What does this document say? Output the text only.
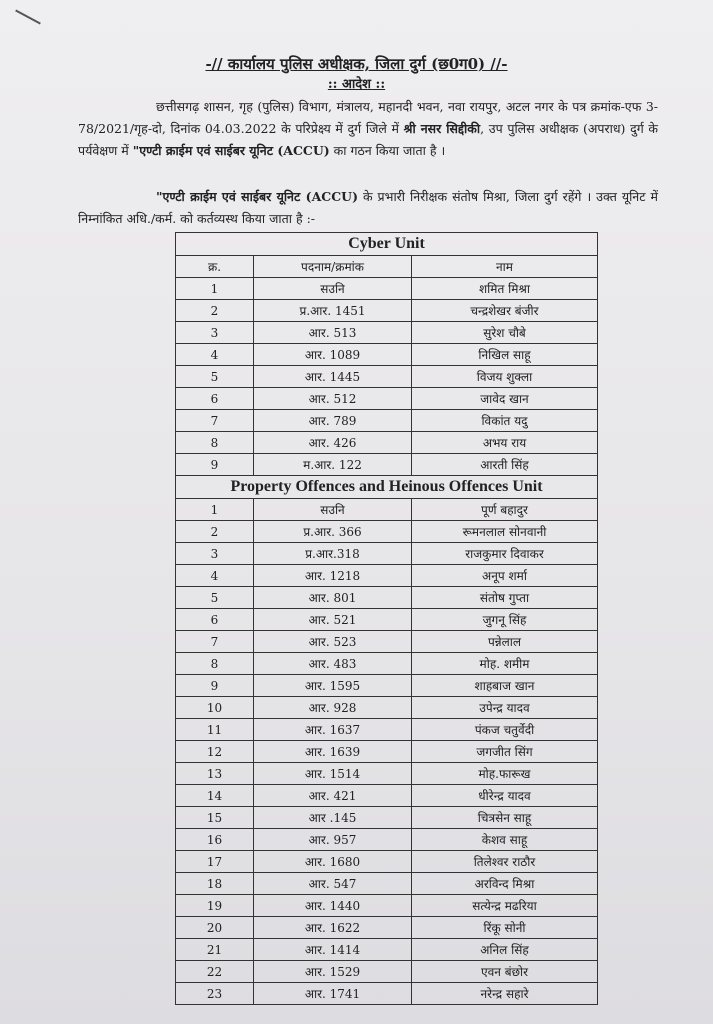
-// कार्यालय पुलिस अधीक्षक, जिला दुर्ग (छ0ग0) //-
:: आदेश ::
छत्तीसगढ़ शासन, गृह (पुलिस) विभाग, मंत्रालय, महानदी भवन, नवा रायपुर, अटल नगर के पत्र क्रमांक-एफ 3-78/2021/गृह-दो, दिनांक 04.03.2022 के परिप्रेक्ष्य में दुर्ग जिले में श्री नसर सिद्दीकी, उप पुलिस अधीक्षक (अपराध) दुर्ग के पर्यवेक्षण में "एण्टी क्राईम एवं साईबर यूनिट (ACCU) का गठन किया जाता है ।
"एण्टी क्राईम एवं साईबर यूनिट (ACCU) के प्रभारी निरीक्षक संतोष मिश्रा, जिला दुर्ग रहेंगे । उक्त यूनिट में निम्नांकित अधि./कर्म. को कर्तव्यस्थ किया जाता है :-
Cyber Unit		
क्र.	पदनाम/क्रमांक	नाम
1	सउनि	शमित मिश्रा
2	प्र.आर. 1451	चन्द्रशेखर बंजीर
3	आर. 513	सुरेश चौबे
4	आर. 1089	निखिल साहू
5	आर. 1445	विजय शुक्ला
6	आर. 512	जावेद खान
7	आर. 789	विकांत यदु
8	आर. 426	अभय राय
9	म.आर. 122	आरती सिंह
Property Offences and Heinous Offences Unit		
1	सउनि	पूर्ण बहादुर
2	प्र.आर. 366	रूमनलाल सोनवानी
3	प्र.आर.318	राजकुमार दिवाकर
4	आर. 1218	अनूप शर्मा
5	आर. 801	संतोष गुप्ता
6	आर. 521	जुगनू सिंह
7	आर. 523	पन्नेलाल
8	आर. 483	मोह. शमीम
9	आर. 1595	शाहबाज खान
10	आर. 928	उपेन्द्र यादव
11	आर. 1637	पंकज चतुर्वेदी
12	आर. 1639	जगजीत सिंग
13	आर. 1514	मोह.फारूख
14	आर. 421	धीरेन्द्र यादव
15	आर .145	चित्रसेन साहू
16	आर. 957	केशव साहू
17	आर. 1680	तिलेश्वर राठौर
18	आर. 547	अरविन्द मिश्रा
19	आर. 1440	सत्येन्द्र मढरिया
20	आर. 1622	रिंकू सोनी
21	आर. 1414	अनिल सिंह
22	आर. 1529	एवन बंछोर
23	आर. 1741	नरेन्द्र सहारे
